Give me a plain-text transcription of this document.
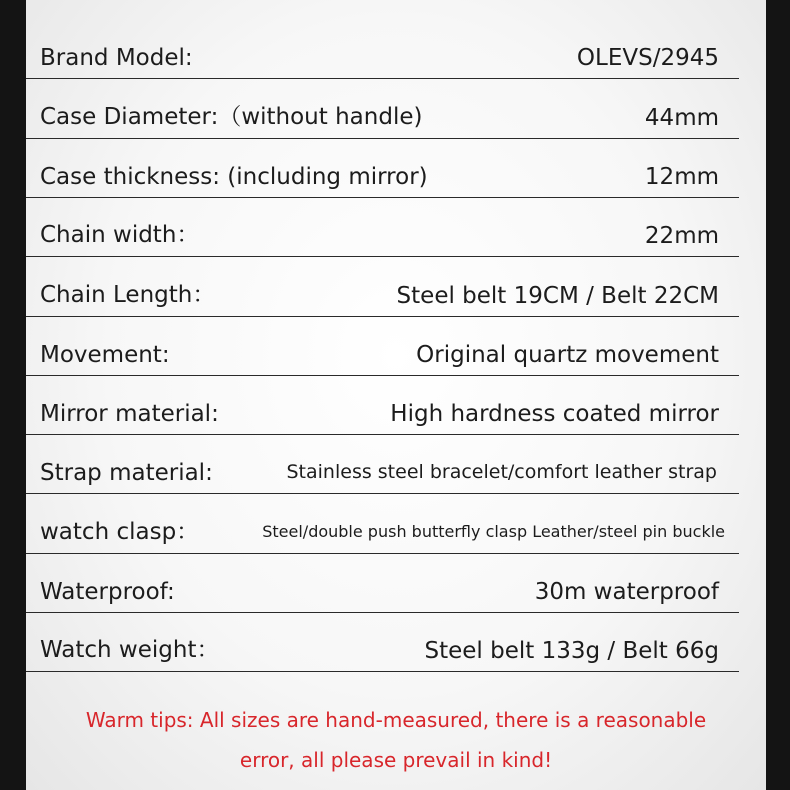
Brand Model:	OLEVS/2945
Case Diameter:（without handle)	44mm
Case thickness: (including mirror)	12mm
Chain width：	22mm
Chain Length：	Steel belt 19CM / Belt 22CM
Movement:	Original quartz movement
Mirror material:	High hardness coated mirror
Strap material:	Stainless steel bracelet/comfort leather strap
watch clasp：	Steel/double push butterfly clasp Leather/steel pin buckle
Waterproof:	30m waterproof
Watch weight：	Steel belt 133g / Belt 66g
Warm tips: All sizes are hand-measured, there is a reasonable
error, all please prevail in kind!
